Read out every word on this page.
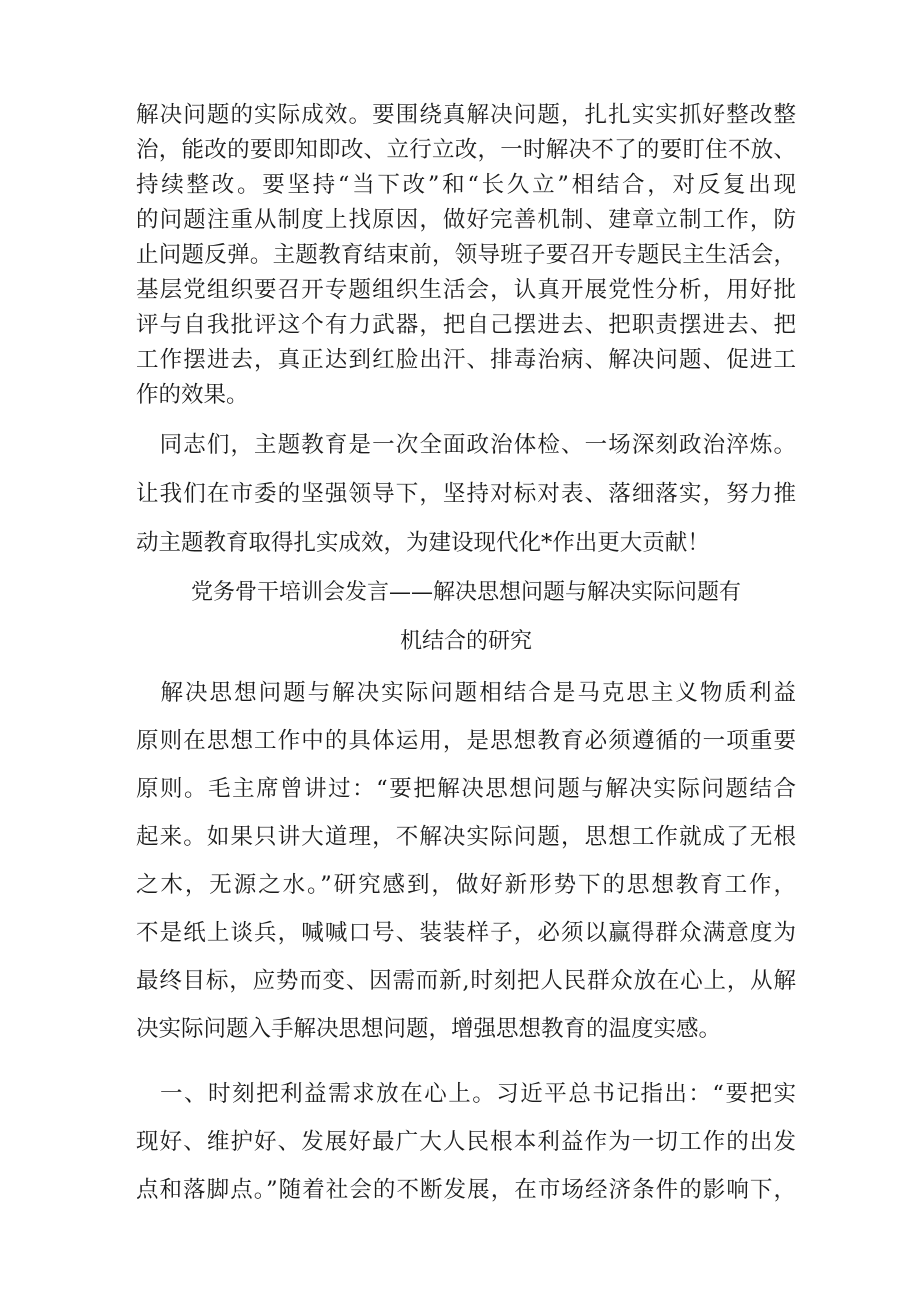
解决问题的实际成效。要围绕真解决问题，扎扎实实抓好整改整
治，能改的要即知即改、立行立改，一时解决不了的要盯住不放、
持续整改。要坚持“当下改”和“长久立”相结合，对反复出现
的问题注重从制度上找原因，做好完善机制、建章立制工作，防
止问题反弹。主题教育结束前，领导班子要召开专题民主生活会，
基层党组织要召开专题组织生活会，认真开展党性分析，用好批
评与自我批评这个有力武器，把自己摆进去、把职责摆进去、把
工作摆进去，真正达到红脸出汗、排毒治病、解决问题、促进工
作的效果。
　同志们，主题教育是一次全面政治体检、一场深刻政治淬炼。
让我们在市委的坚强领导下，坚持对标对表、落细落实，努力推
动主题教育取得扎实成效，为建设现代化*作出更大贡献！
党务骨干培训会发言——解决思想问题与解决实际问题有
机结合的研究
　解决思想问题与解决实际问题相结合是马克思主义物质利益
原则在思想工作中的具体运用，是思想教育必须遵循的一项重要
原则。毛主席曾讲过：“要把解决思想问题与解决实际问题结合
起来。如果只讲大道理，不解决实际问题，思想工作就成了无根
之木，无源之水。”研究感到，做好新形势下的思想教育工作，
不是纸上谈兵，喊喊口号、装装样子，必须以赢得群众满意度为
最终目标，应势而变、因需而新,时刻把人民群众放在心上，从解
决实际问题入手解决思想问题，增强思想教育的温度实感。
　一、时刻把利益需求放在心上。习近平总书记指出：“要把实
现好、维护好、发展好最广大人民根本利益作为一切工作的出发
点和落脚点。”随着社会的不断发展，在市场经济条件的影响下，
